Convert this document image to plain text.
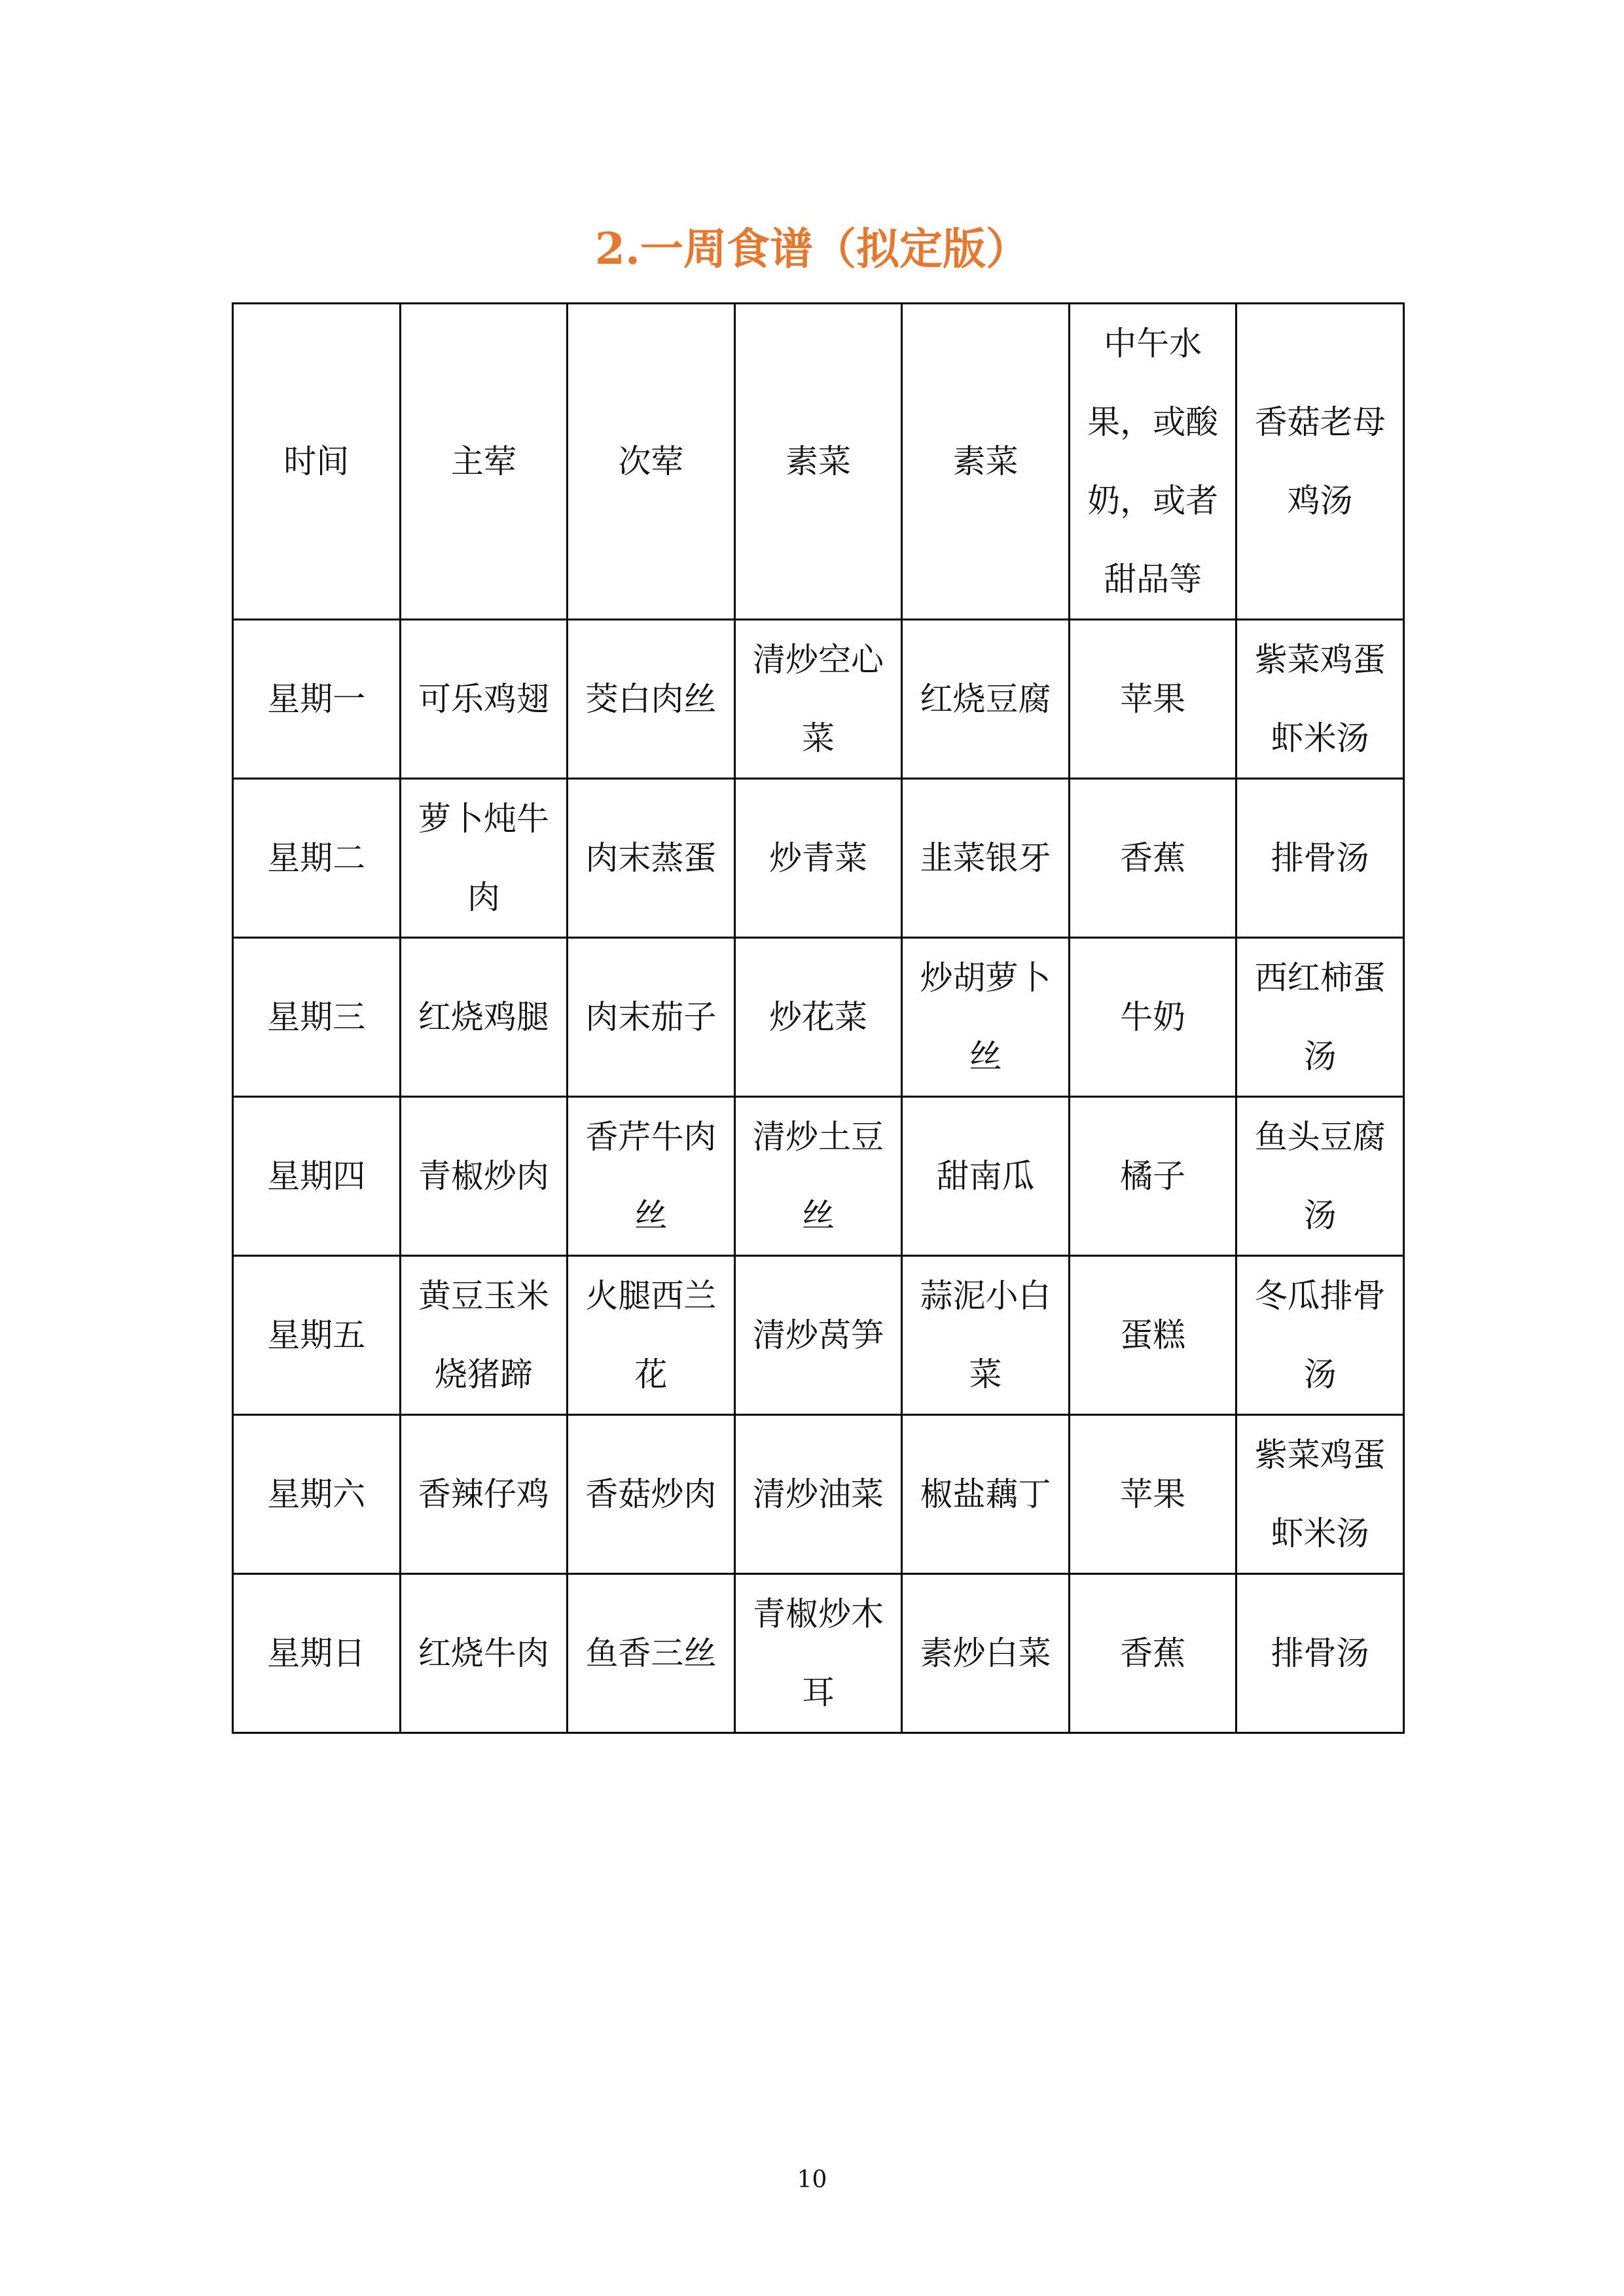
2.一周食谱（拟定版）
时间	主荤	次荤	素菜	素菜	中午水果，或酸奶，或者甜品等	香菇老母鸡汤
星期一	可乐鸡翅	茭白肉丝	清炒空心菜	红烧豆腐	苹果	紫菜鸡蛋虾米汤
星期二	萝卜炖牛肉	肉末蒸蛋	炒青菜	韭菜银牙	香蕉	排骨汤
星期三	红烧鸡腿	肉末茄子	炒花菜	炒胡萝卜丝	牛奶	西红柿蛋汤
星期四	青椒炒肉	香芹牛肉丝	清炒土豆丝	甜南瓜	橘子	鱼头豆腐汤
星期五	黄豆玉米烧猪蹄	火腿西兰花	清炒莴笋	蒜泥小白菜	蛋糕	冬瓜排骨汤
星期六	香辣仔鸡	香菇炒肉	清炒油菜	椒盐藕丁	苹果	紫菜鸡蛋虾米汤
星期日	红烧牛肉	鱼香三丝	青椒炒木耳	素炒白菜	香蕉	排骨汤
10
